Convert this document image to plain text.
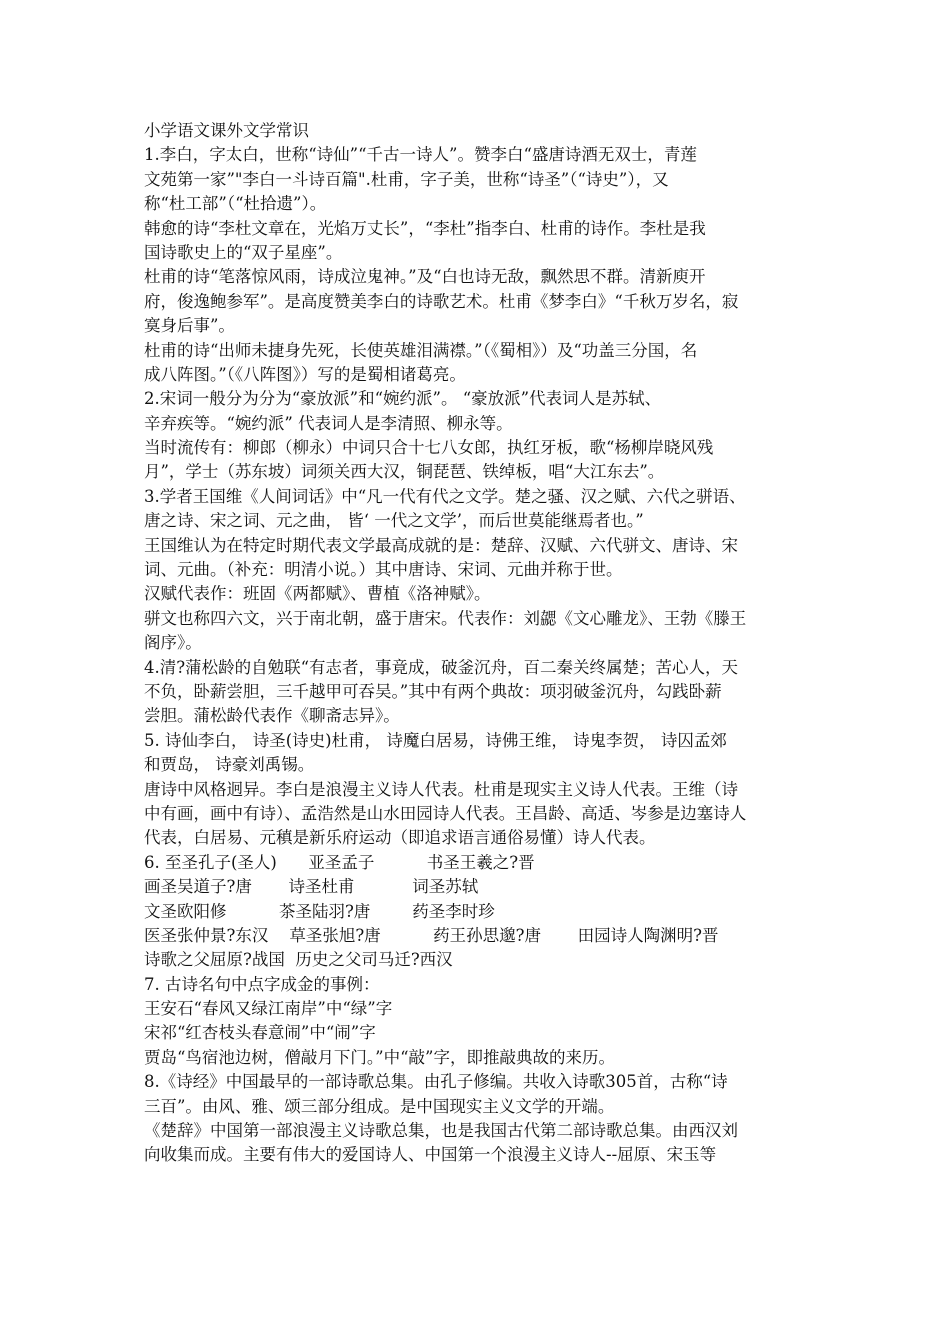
小学语文课外文学常识
1.李白，字太白，世称“诗仙”“千古一诗人”。赞李白“盛唐诗酒无双士，青莲
文苑第一家”"李白一斗诗百篇".杜甫，字子美，世称“诗圣”（“诗史”），又
称“杜工部”（“杜拾遗”）。
韩愈的诗“李杜文章在，光焰万丈长”，“李杜”指李白、杜甫的诗作。李杜是我
国诗歌史上的“双子星座”。
杜甫的诗“笔落惊风雨，诗成泣鬼神。”及“白也诗无敌，飘然思不群。清新庾开
府，俊逸鲍参军”。是高度赞美李白的诗歌艺术。杜甫《梦李白》“千秋万岁名，寂
寞身后事”。
杜甫的诗“出师未捷身先死，长使英雄泪满襟。”（《蜀相》）及“功盖三分国，名
成八阵图。”（《八阵图》）写的是蜀相诸葛亮。
2.宋词一般分为分为“豪放派”和“婉约派”。 “豪放派”代表词人是苏轼、
辛弃疾等。“婉约派” 代表词人是李清照、柳永等。
当时流传有：柳郎（柳永）中词只合十七八女郎，执红牙板，歌“杨柳岸晓风残
月”，学士（苏东坡）词须关西大汉，铜琵琶、铁绰板，唱“大江东去”。
3.学者王国维《人间词话》中“凡一代有代之文学。楚之骚、汉之赋、六代之骈语、
唐之诗、宋之词、元之曲， 皆‘ 一代之文学’，而后世莫能继焉者也。”
王国维认为在特定时期代表文学最高成就的是：楚辞、汉赋、六代骈文、唐诗、宋
词、元曲。（补充：明清小说。）其中唐诗、宋词、元曲并称于世。
汉赋代表作：班固《两都赋》、曹植《洛神赋》。
骈文也称四六文，兴于南北朝，盛于唐宋。代表作：刘勰《文心雕龙》、王勃《滕王
阁序》。
4.清?蒲松龄的自勉联“有志者，事竟成，破釜沉舟，百二秦关终属楚；苦心人，天
不负，卧薪尝胆，三千越甲可吞吴。”其中有两个典故：项羽破釜沉舟，勾践卧薪
尝胆。蒲松龄代表作《聊斋志异》。
5. 诗仙李白， 诗圣(诗史)杜甫， 诗魔白居易，诗佛王维， 诗鬼李贺， 诗囚孟郊
和贾岛， 诗豪刘禹锡。
唐诗中风格迥异。李白是浪漫主义诗人代表。杜甫是现实主义诗人代表。王维（诗
中有画，画中有诗）、孟浩然是山水田园诗人代表。王昌龄、高适、岑参是边塞诗人
代表，白居易、元稹是新乐府运动（即追求语言通俗易懂）诗人代表。
6. 至圣孔子(圣人)      亚圣孟子          书圣王羲之?晋
画圣吴道子?唐       诗圣杜甫           词圣苏轼
文圣欧阳修          茶圣陆羽?唐        药圣李时珍
医圣张仲景?东汉    草圣张旭?唐          药王孙思邈?唐       田园诗人陶渊明?晋
诗歌之父屈原?战国  历史之父司马迁?西汉
7. 古诗名句中点字成金的事例：
王安石“春风又绿江南岸”中“绿”字
宋祁“红杏枝头春意闹”中“闹”字
贾岛“鸟宿池边树，僧敲月下门。”中“敲”字，即推敲典故的来历。
8.《诗经》中国最早的一部诗歌总集。由孔子修编。共收入诗歌305首，古称“诗
三百”。由风、雅、颂三部分组成。是中国现实主义文学的开端。
《楚辞》中国第一部浪漫主义诗歌总集，也是我国古代第二部诗歌总集。由西汉刘
向收集而成。主要有伟大的爱国诗人、中国第一个浪漫主义诗人--屈原、宋玉等
